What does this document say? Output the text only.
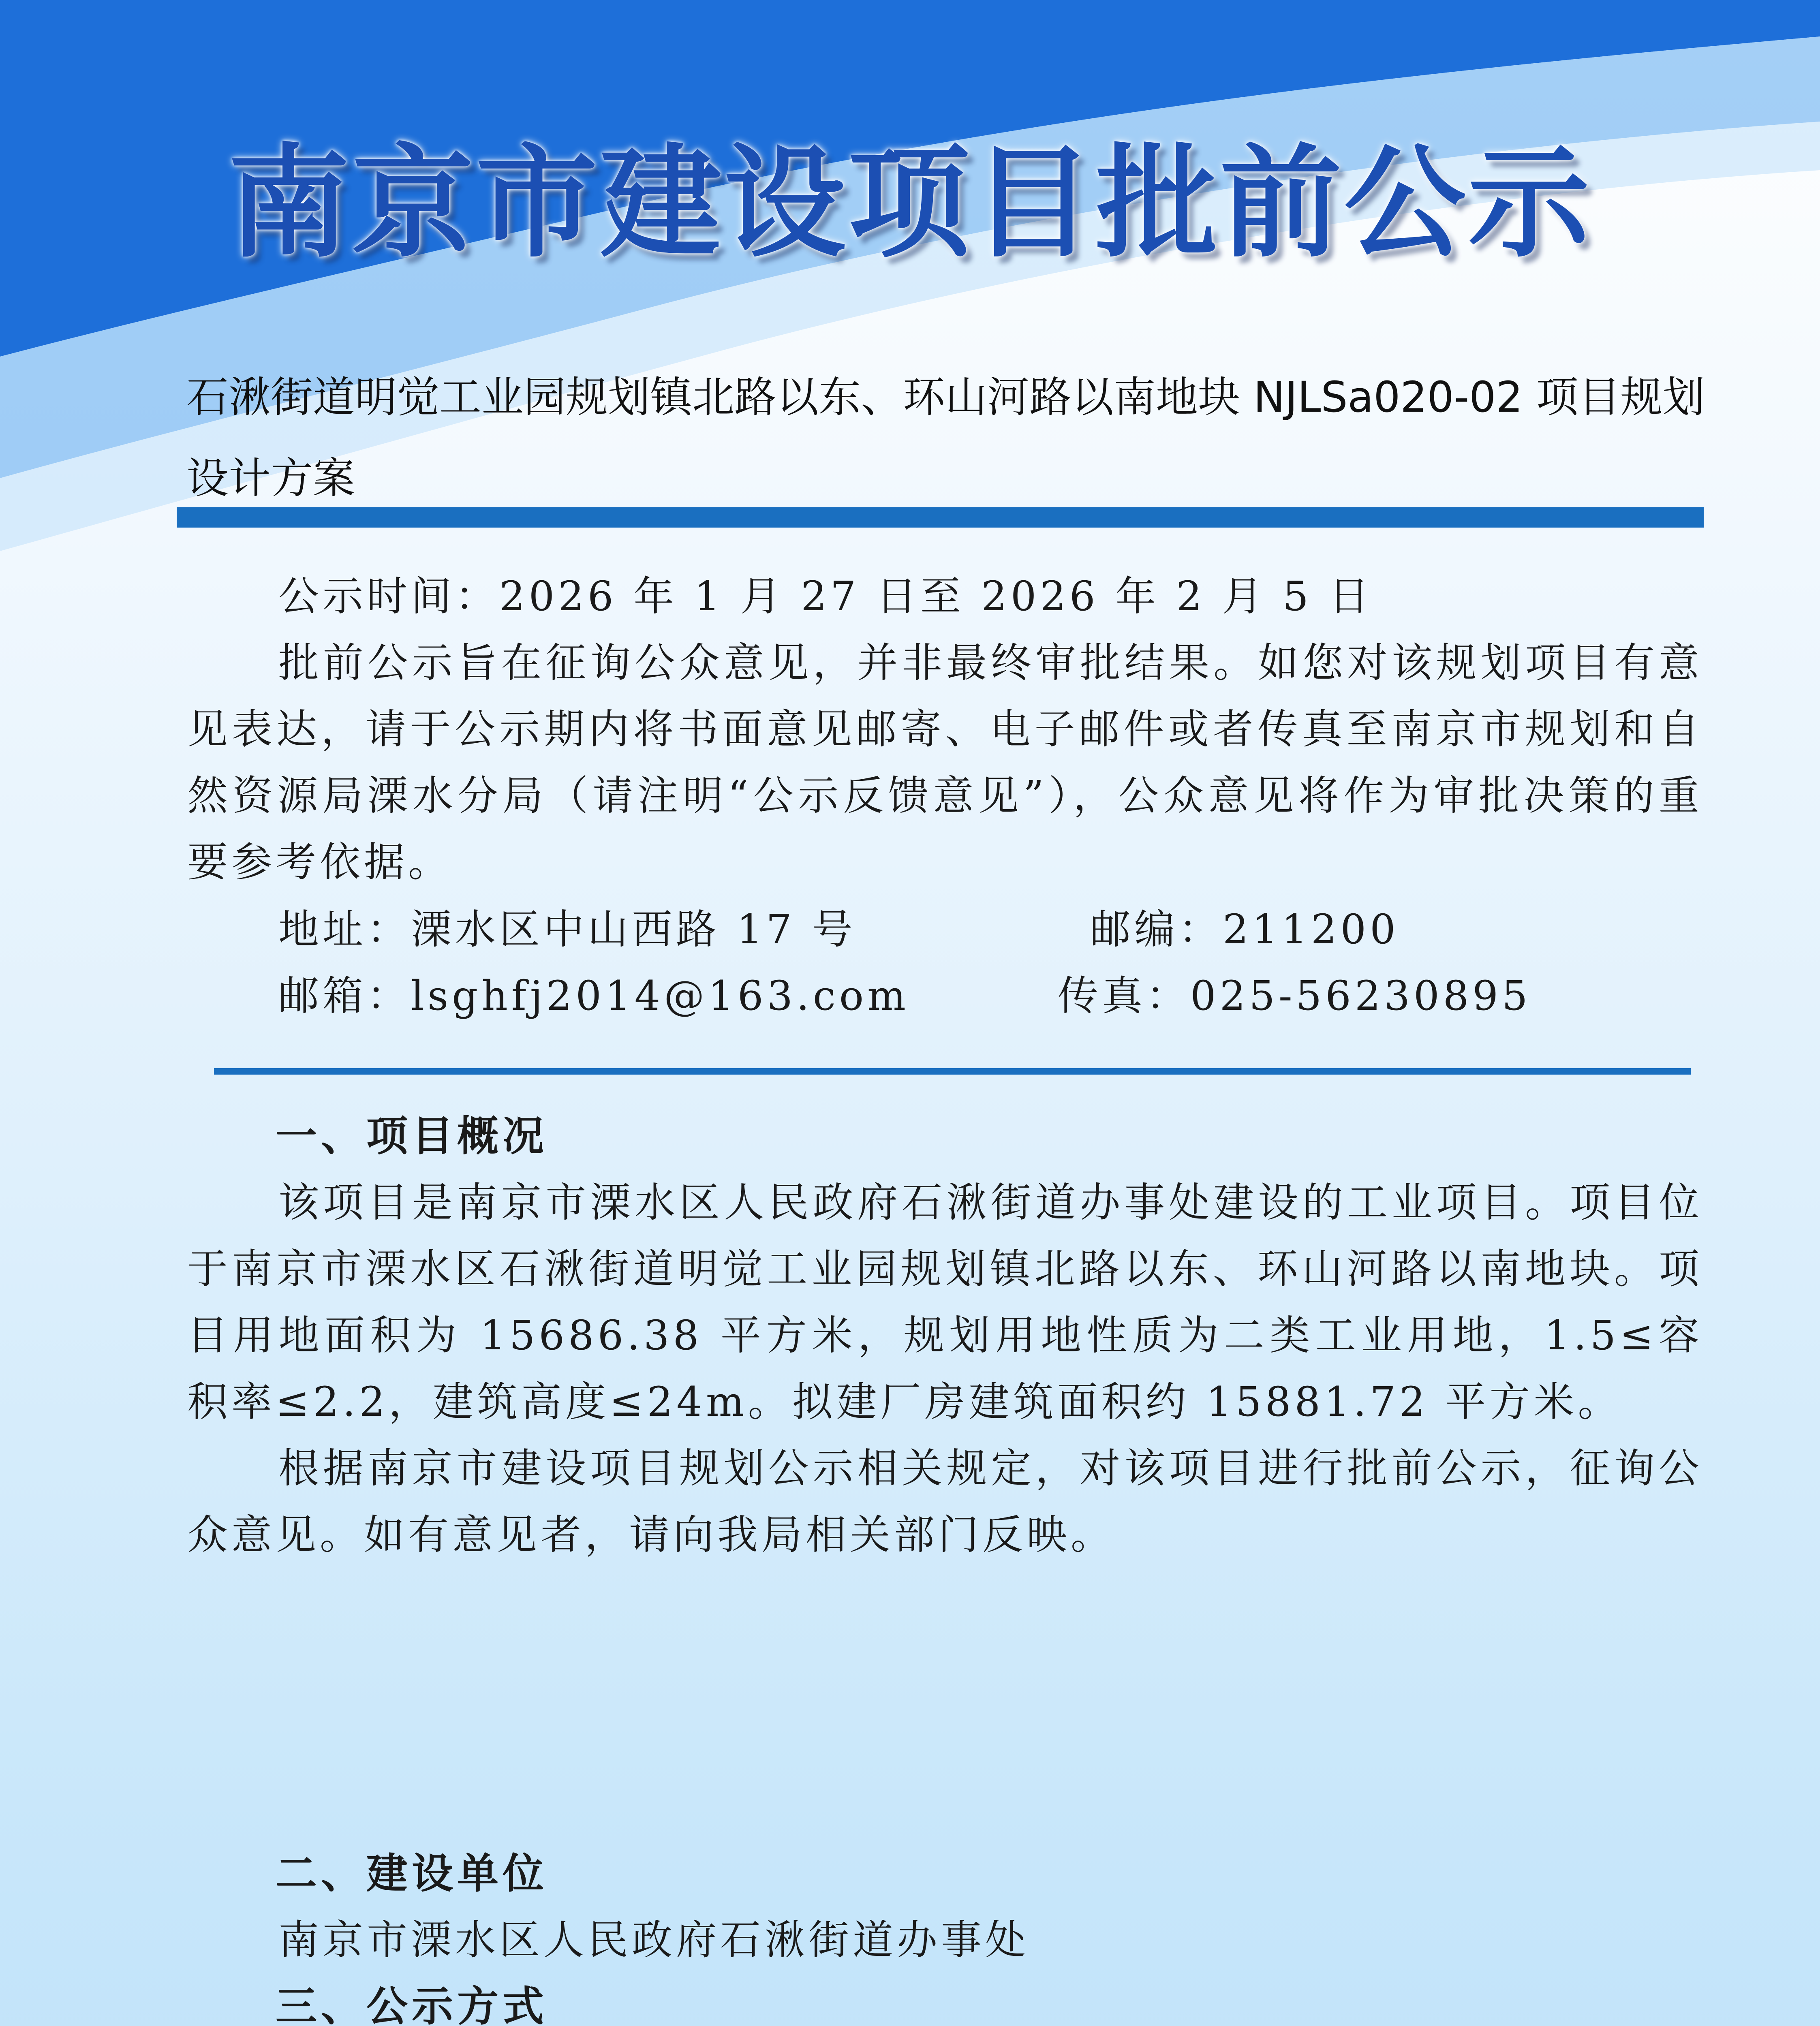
南京市建设项目批前公示
石湫街道明觉工业园规划镇北路以东、环山河路以南地块 NJLSa020-02 项目规划设计方案
公示时间：2026 年 1 月 27 日至 2026 年 2 月 5 日
批前公示旨在征询公众意见，并非最终审批结果。如您对该规划项目有意见表达，请于公示期内将书面意见邮寄、电子邮件或者传真至南京市规划和自然资源局溧水分局（请注明“公示反馈意见”），公众意见将作为审批决策的重要参考依据。
地址：溧水区中山西路 17 号	邮编：211200
邮箱：lsghfj2014@163.com	传真：025-56230895
一、项目概况
该项目是南京市溧水区人民政府石湫街道办事处建设的工业项目。项目位于南京市溧水区石湫街道明觉工业园规划镇北路以东、环山河路以南地块。项目用地面积为 15686.38 平方米，规划用地性质为二类工业用地，1.5≤容积率≤2.2，建筑高度≤24m。拟建厂房建筑面积约 15881.72 平方米。
根据南京市建设项目规划公示相关规定，对该项目进行批前公示，征询公众意见。如有意见者，请向我局相关部门反映。
二、建设单位
南京市溧水区人民政府石湫街道办事处
三、公示方式
